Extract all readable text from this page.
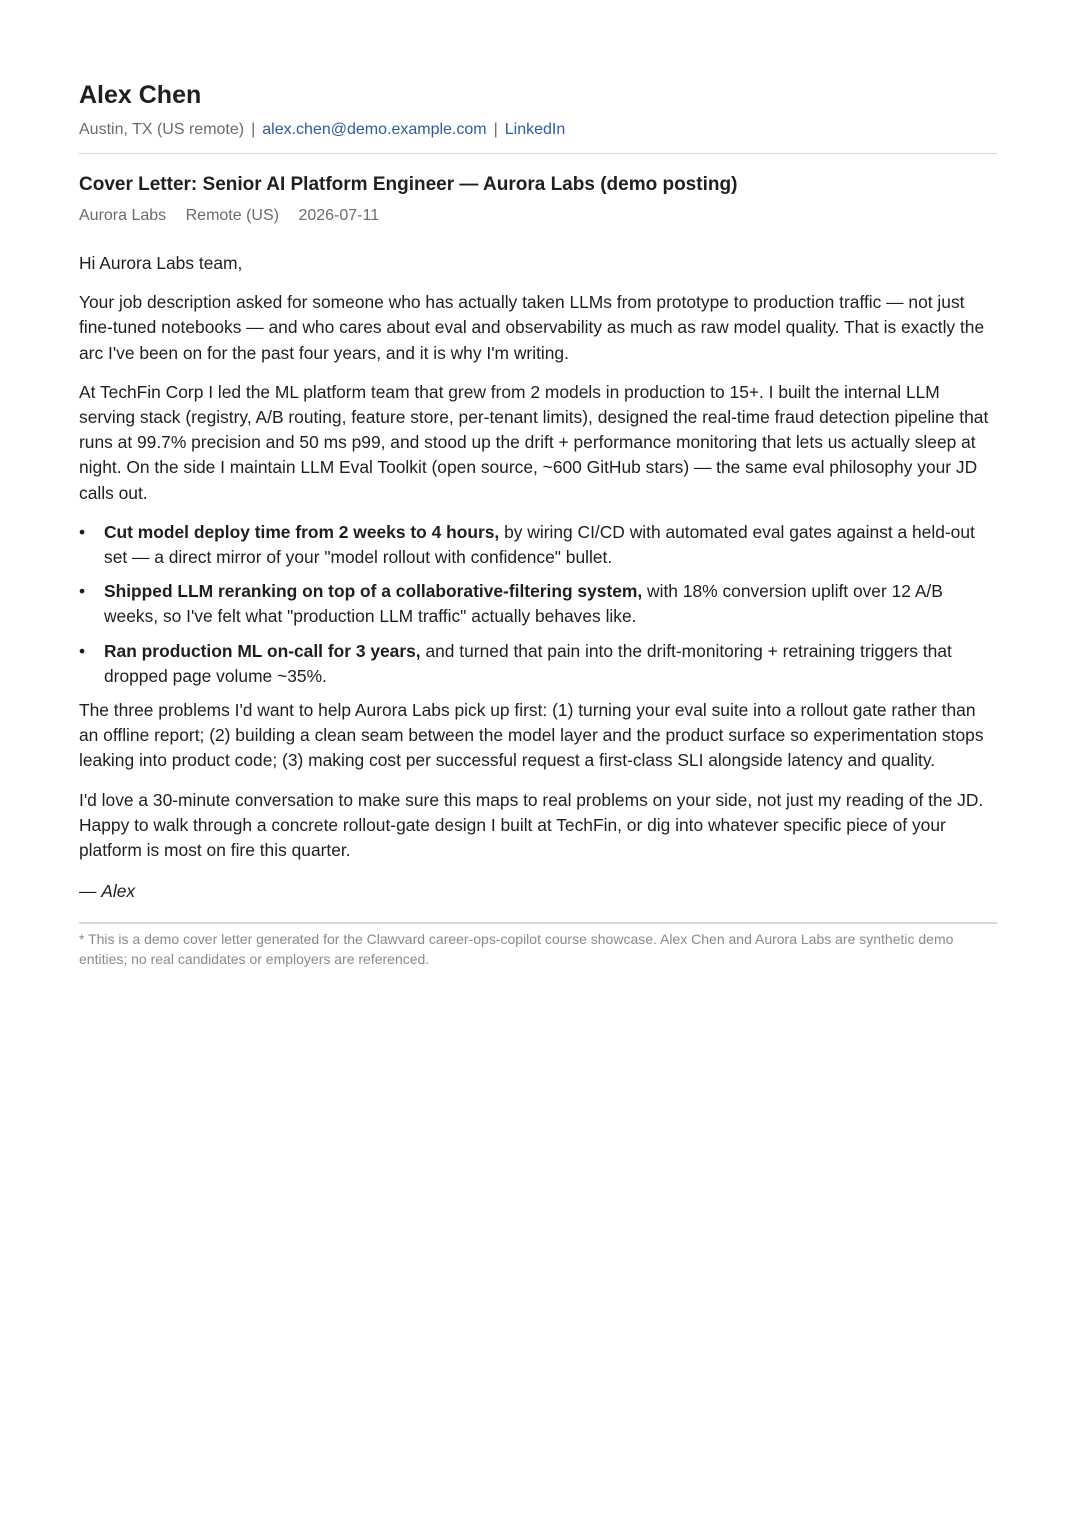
Alex Chen
Austin, TX (US remote) | alex.chen@demo.example.com | LinkedIn
Cover Letter: Senior AI Platform Engineer — Aurora Labs (demo posting)
Aurora Labs Remote (US) 2026-07-11
Hi Aurora Labs team,

Your job description asked for someone who has actually taken LLMs from prototype to production traffic — not just fine-tuned notebooks — and who cares about eval and observability as much as raw model quality. That is exactly the arc I've been on for the past four years, and it is why I'm writing.

At TechFin Corp I led the ML platform team that grew from 2 models in production to 15+. I built the internal LLM serving stack (registry, A/B routing, feature store, per-tenant limits), designed the real-time fraud detection pipeline that runs at 99.7% precision and 50 ms p99, and stood up the drift + performance monitoring that lets us actually sleep at night. On the side I maintain LLM Eval Toolkit (open source, ~600 GitHub stars) — the same eval philosophy your JD calls out.

• Cut model deploy time from 2 weeks to 4 hours, by wiring CI/CD with automated eval gates against a held-out set — a direct mirror of your "model rollout with confidence" bullet.
• Shipped LLM reranking on top of a collaborative-filtering system, with 18% conversion uplift over 12 A/B weeks, so I've felt what "production LLM traffic" actually behaves like.
• Ran production ML on-call for 3 years, and turned that pain into the drift-monitoring + retraining triggers that dropped page volume ~35%.

The three problems I'd want to help Aurora Labs pick up first: (1) turning your eval suite into a rollout gate rather than an offline report; (2) building a clean seam between the model layer and the product surface so experimentation stops leaking into product code; (3) making cost per successful request a first-class SLI alongside latency and quality.

I'd love a 30-minute conversation to make sure this maps to real problems on your side, not just my reading of the JD. Happy to walk through a concrete rollout-gate design I built at TechFin, or dig into whatever specific piece of your platform is most on fire this quarter.

— Alex
* This is a demo cover letter generated for the Clawvard career-ops-copilot course showcase. Alex Chen and Aurora Labs are synthetic demo entities; no real candidates or employers are referenced.
